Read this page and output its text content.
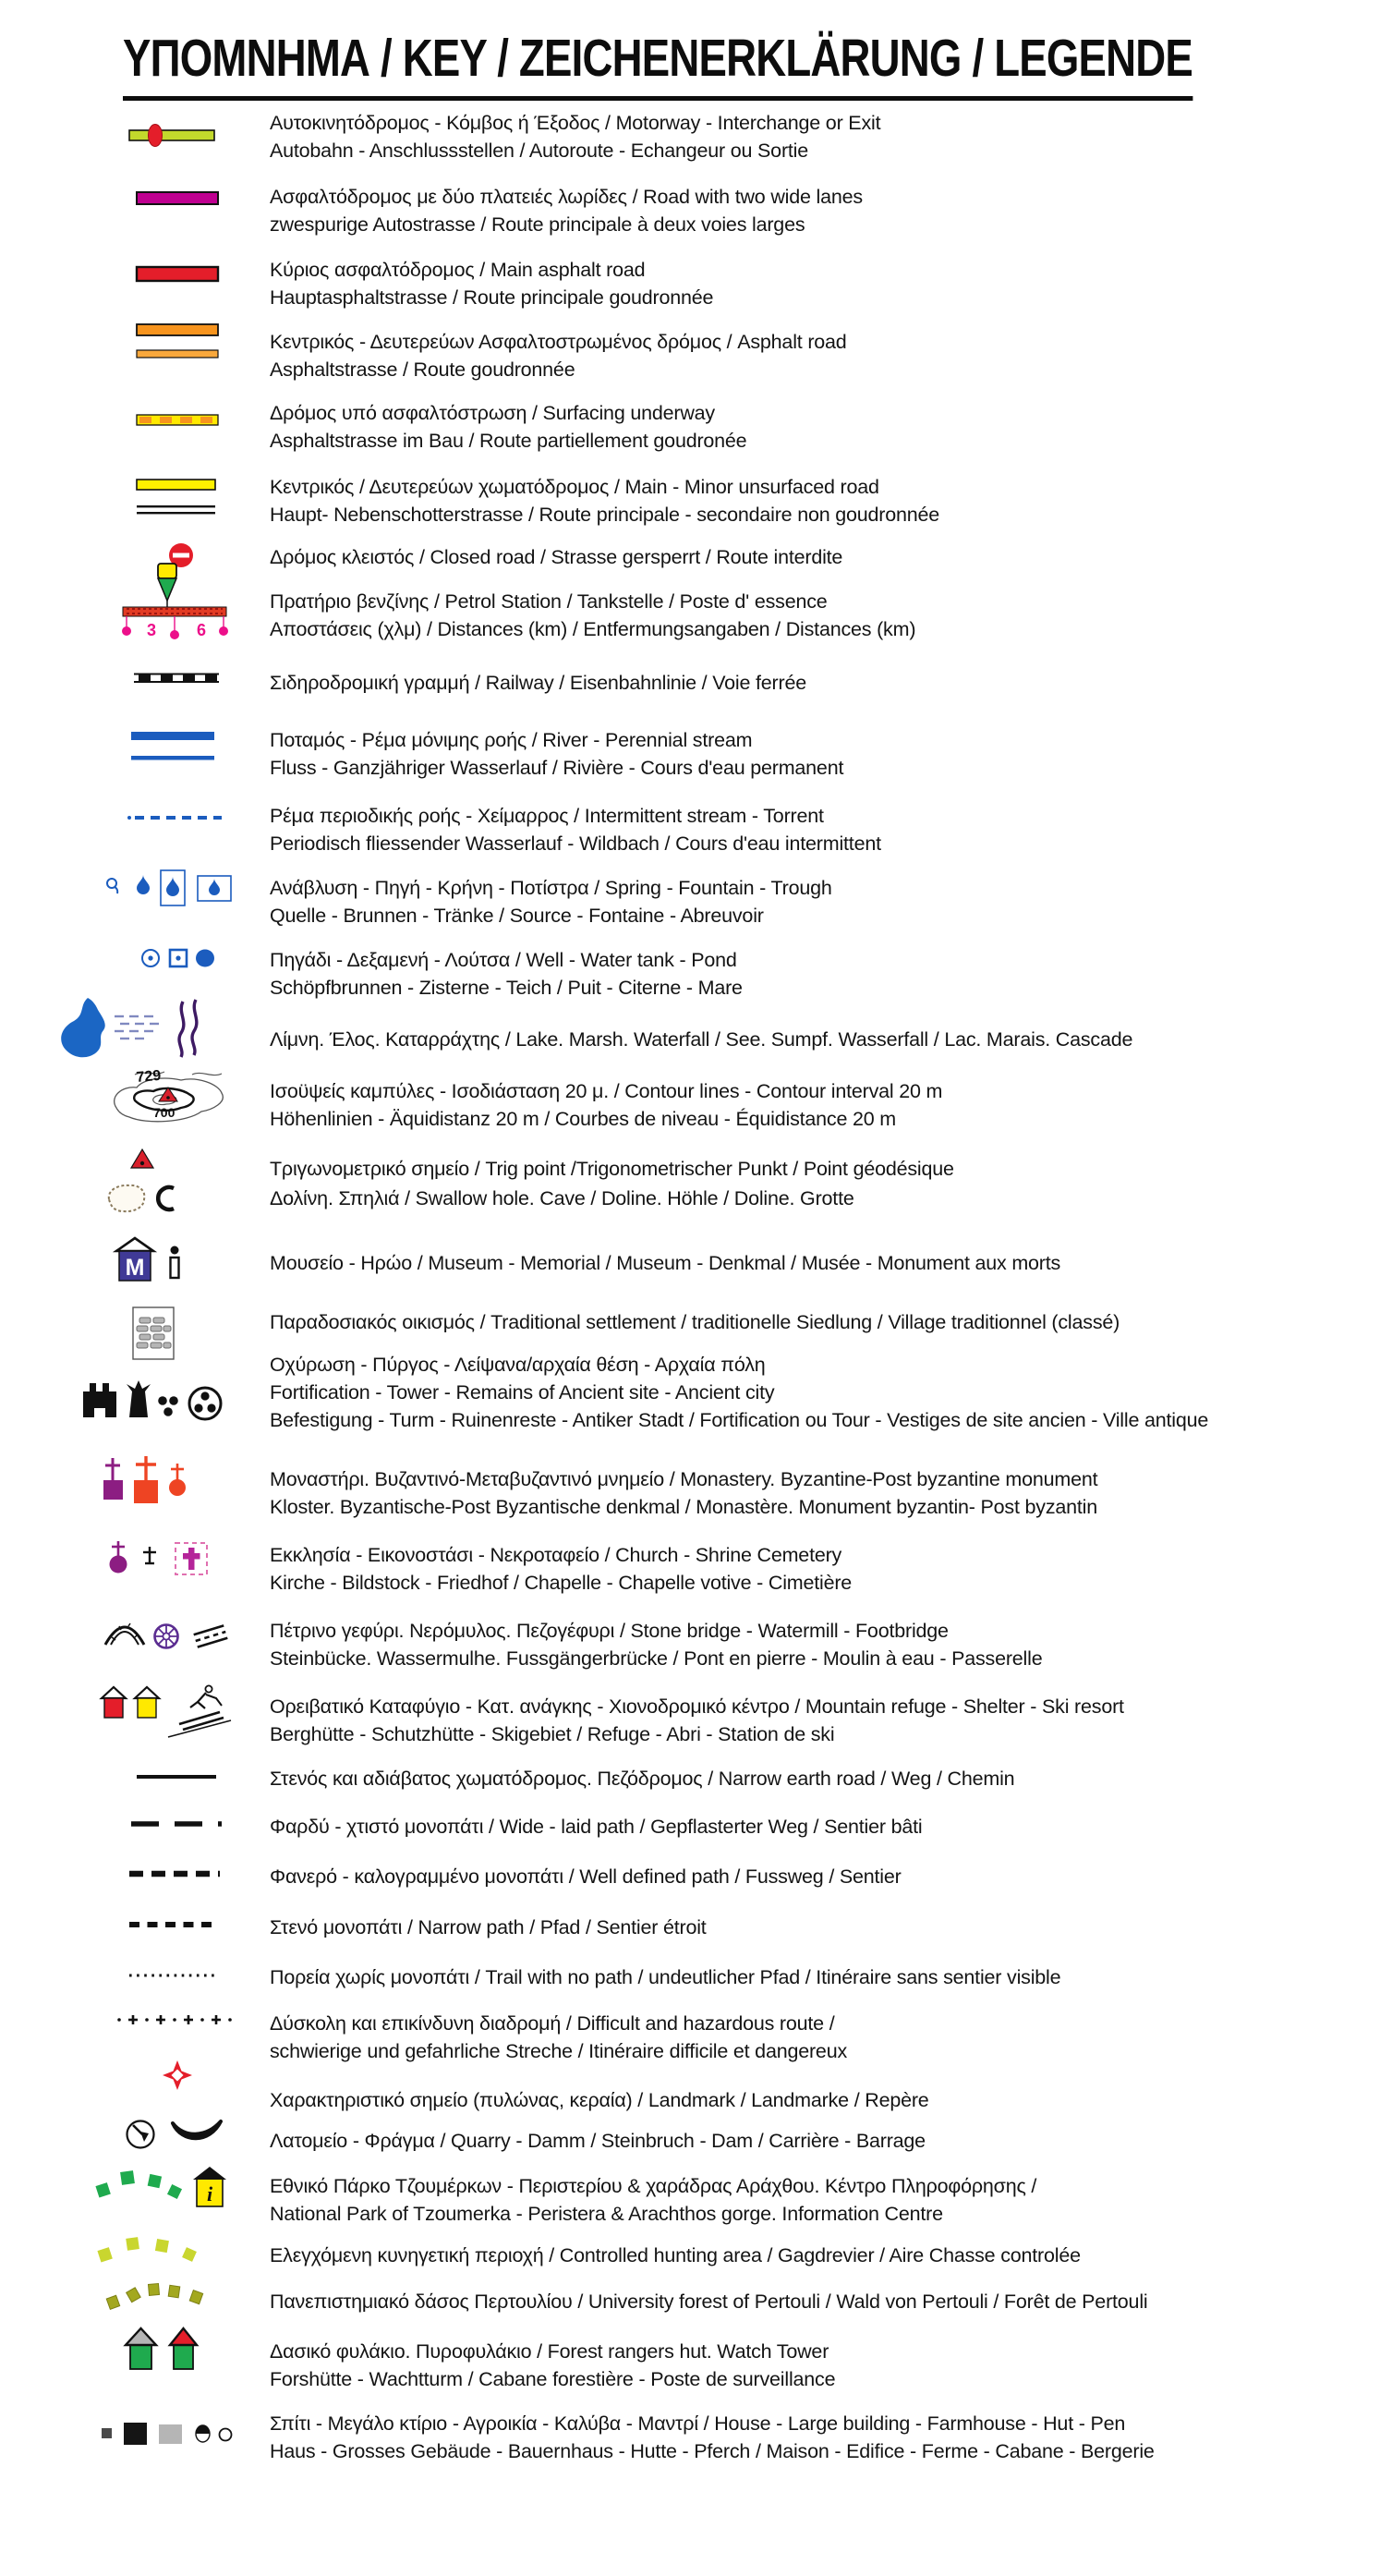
ΥΠΟΜΝΗΜΑ / KEY / ZEICHENERKLÄRUNG / LEGENDE
Αυτοκινητόδρομος - Κόμβος ή Έξοδος / Motorway - Interchange or Exit
Autobahn - Anschlussstellen / Autoroute - Echangeur ou Sortie
Ασφαλτόδρομος με δύο πλατειές λωρίδες / Road with two wide lanes
zwespurige Autostrasse / Route principale à deux voies larges
Κύριος ασφαλτόδρομος / Main asphalt road
Hauptasphaltstrasse / Route principale goudronnée
Κεντρικός - Δευτερεύων Ασφαλτοστρωμένος δρόμος / Asphalt road
Asphaltstrasse / Route goudronnée
Δρόμος υπό ασφαλτόστρωση / Surfacing underway
Asphaltstrasse im Bau / Route partiellement goudronée
Κεντρικός / Δευτερεύων χωματόδρομος / Main - Minor unsurfaced road
Haupt- Nebenschotterstrasse / Route principale - secondaire non goudronnée
Δρόμος κλειστός / Closed road / Strasse gersperrt / Route interdite
3 6
Πρατήριο βενζίνης / Petrol Station / Tankstelle / Poste d' essence
Αποστάσεις (χλμ) / Distances (km) / Entfermungsangaben / Distances (km)
Σιδηροδρομική γραμμή / Railway / Eisenbahnlinie / Voie ferrée
Ποταμός - Ρέμα μόνιμης ροής / River - Perennial stream
Fluss - Ganzjähriger Wasserlauf / Rivière - Cours d'eau permanent
Ρέμα περιοδικής ροής - Χείμαρρος / Intermittent stream - Torrent
Periodisch fliessender Wasserlauf - Wildbach / Cours d'eau intermittent
Ανάβλυση - Πηγή - Κρήνη - Ποτίστρα / Spring - Fountain - Trough
Quelle - Brunnen - Tränke / Source - Fontaine - Abreuvoir
Πηγάδι - Δεξαμενή - Λούτσα / Well - Water tank - Pond
Schöpfbrunnen - Zisterne - Teich / Puit - Citerne - Mare
Λίμνη. Έλος. Καταρράχτης / Lake. Marsh. Waterfall / See. Sumpf. Wasserfall / Lac. Marais. Cascade
729
700
Ισοϋψείς καμπύλες - Ισοδιάσταση 20 μ. / Contour lines - Contour interval 20 m
Höhenlinien - Äquidistanz 20 m / Courbes de niveau - Équidistance 20 m
Τριγωνομετρικό σημείο / Trig point /Trigonometrischer Punkt / Point géodésique
Δολίνη. Σπηλιά / Swallow hole. Cave / Doline. Höhle / Doline. Grotte
M	Μουσείο - Ηρώο / Museum - Memorial / Museum - Denkmal / Musée - Monument aux morts
Παραδοσιακός οικισμός / Traditional settlement / traditionelle Siedlung / Village traditionnel (classé)
Οχύρωση - Πύργος - Λείψανα/αρχαία θέση - Αρχαία πόλη
Fortification - Tower - Remains of Ancient site - Ancient city
Befestigung - Turm - Ruinenreste - Antiker Stadt / Fortification ou Tour - Vestiges de site ancien - Ville antique
Μοναστήρι. Βυζαντινό-Μεταβυζαντινό μνημείο / Monastery. Byzantine-Post byzantine monument
Kloster. Byzantische-Post Byzantische denkmal / Monastère. Monument byzantin- Post byzantin
Εκκλησία - Εικονοστάσι - Νεκροταφείο / Church - Shrine Cemetery
Kirche - Bildstock - Friedhof / Chapelle - Chapelle votive - Cimetière
Πέτρινο γεφύρι. Νερόμυλος. Πεζογέφυρι / Stone bridge - Watermill - Footbridge
Steinbücke. Wassermulhe. Fussgängerbrücke / Pont en pierre - Moulin à eau - Passerelle
Ορειβατικό Καταφύγιο - Κατ. ανάγκης - Χιονοδρομικό κέντρο / Mountain refuge - Shelter - Ski resort
Berghütte - Schutzhütte - Skigebiet / Refuge - Abri - Station de ski
Στενός και αδιάβατος χωματόδρομος. Πεζόδρομος / Narrow earth road / Weg / Chemin
Φαρδύ - χτιστό μονοπάτι / Wide - laid path / Gepflasterter Weg / Sentier bâti
Φανερό - καλογραμμένο μονοπάτι / Well defined path / Fussweg / Sentier
Στενό μονοπάτι / Narrow path / Pfad / Sentier étroit
Πορεία χωρίς μονοπάτι / Trail with no path / undeutlicher Pfad / Itinéraire sans sentier visible
Δύσκολη και επικίνδυνη διαδρομή / Difficult and hazardous route /
schwierige und gefahrliche Streche / Itinéraire difficile et dangereux
Χαρακτηριστικό σημείο (πυλώνας, κεραία) / Landmark / Landmarke / Repère
Λατομείο - Φράγμα / Quarry - Damm / Steinbruch - Dam / Carrière - Barrage
i	Εθνικό Πάρκο Τζουμέρκων - Περιστερίου & χαράδρας Αράχθου. Κέντρο Πληροφόρησης /
National Park of Tzoumerka - Peristera & Arachthos gorge. Information Centre
Ελεγχόμενη κυνηγετική περιοχή / Controlled hunting area / Gagdrevier / Aire Chasse controlée
Πανεπιστημιακό δάσος Περτουλίου / University forest of Pertouli / Wald von Pertouli / Forêt de Pertouli
Δασικό φυλάκιο. Πυροφυλάκιο / Forest rangers hut. Watch Tower
Forshütte - Wachtturm / Cabane forestière - Poste de surveillance
Σπίτι - Μεγάλο κτίριο - Αγροικία - Καλύβα - Μαντρί / House - Large building - Farmhouse - Hut - Pen
Haus - Grosses Gebäude - Bauernhaus - Hutte - Pferch / Maison - Edifice - Ferme - Cabane - Bergerie
